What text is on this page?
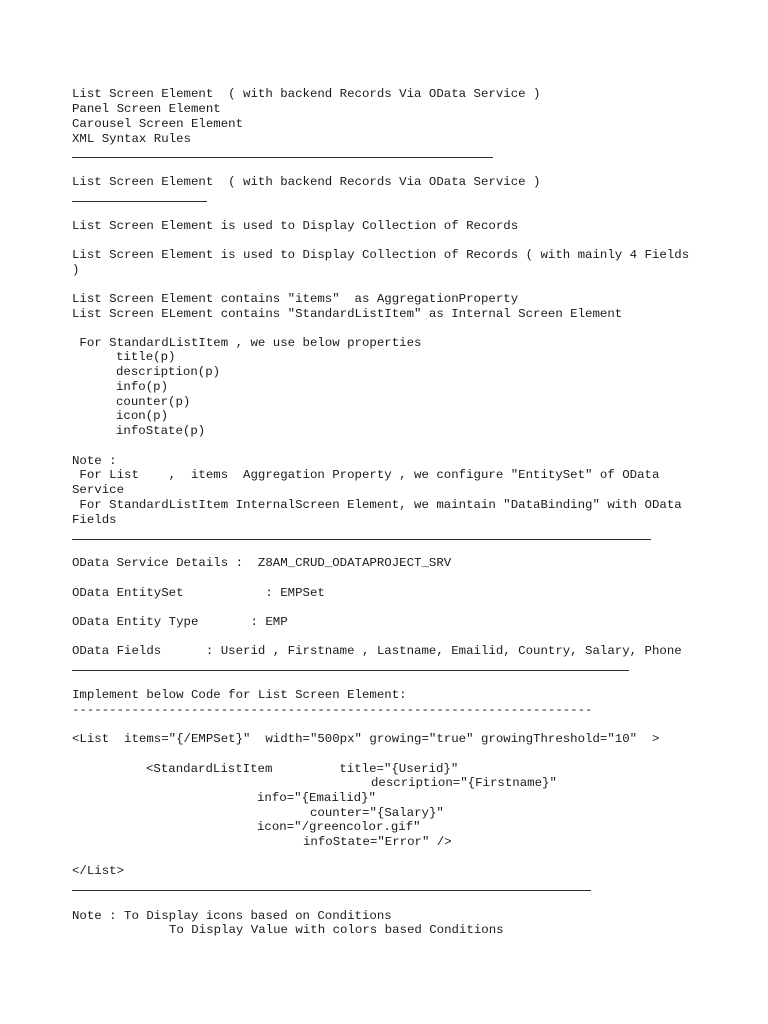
List Screen Element  ( with backend Records Via OData Service )

Panel Screen Element

Carousel Screen Element

XML Syntax Rules

List Screen Element  ( with backend Records Via OData Service )

List Screen Element is used to Display Collection of Records

List Screen Element is used to Display Collection of Records ( with mainly 4 Fields

)

List Screen Element contains "items"  as AggregationProperty

List Screen ELement contains "StandardListItem" as Internal Screen Element

For StandardListItem , we use below properties

title(p)

description(p)

info(p)

counter(p)

icon(p)

infoState(p)

Note :

For List    ,  items  Aggregation Property , we configure "EntitySet" of OData

Service

For StandardListItem InternalScreen Element, we maintain "DataBinding" with OData

Fields

OData Service Details :  Z8AM_CRUD_ODATAPROJECT_SRV

OData EntitySet           : EMPSet

OData Entity Type       : EMP

OData Fields      : Userid , Firstname , Lastname, Emailid, Country, Salary, Phone

Implement below Code for List Screen Element:

----------------------------------------------------------------------

<List  items="{/EMPSet}"  width="500px" growing="true" growingThreshold="10"  >

<StandardListItem         title="{Userid}"

description="{Firstname}"

info="{Emailid}"

counter="{Salary}"

icon="/greencolor.gif"

infoState="Error" />

</List>

Note : To Display icons based on Conditions

To Display Value with colors based Conditions
